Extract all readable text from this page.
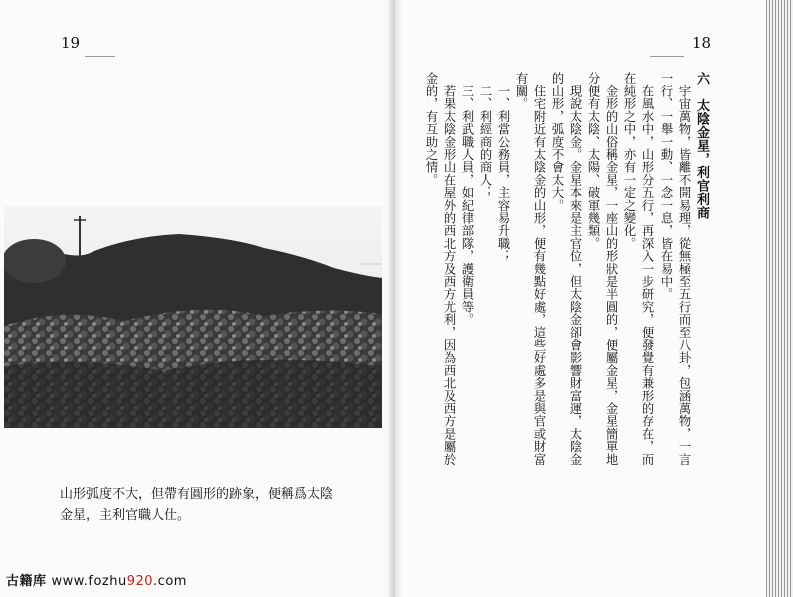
19	18
山形弧度不大，但帶有圓形的跡象，便稱爲太陰
金星，主利官職人仕。
古籍库 www.fozhu920.com
六　太陰金星，利官利商
　宇宙萬物，皆離不開易理，從無極至五行而至八卦，包涵萬物，一言
一行、一舉一動、一念一息，皆在易中。
　在風水中，山形分五行，再深入一步研究，便發覺有兼形的存在，而
在純形之中，亦有一定之變化。
　金形的山俗稱金星，一座山的形狀是半圓的，便屬金星，金星簡單地
分便有太陰、太陽、破軍幾類。
　現說太陰金。金星本來是主官位，但太陰金卻會影響財富運，太陰金
的山形，弧度不會太大。
　住宅附近有太陰金的山形，便有幾點好處，這些好處多是與官或財富
有關。
　一、利當公務員，主容易升職；
　二、利經商的商人；
　三、利武職人員，如紀律部隊，護衛員等。
　若果太陰金形山在屋外的西北方及西方尤利，因為西北及西方是屬於
金的，有互助之情。
